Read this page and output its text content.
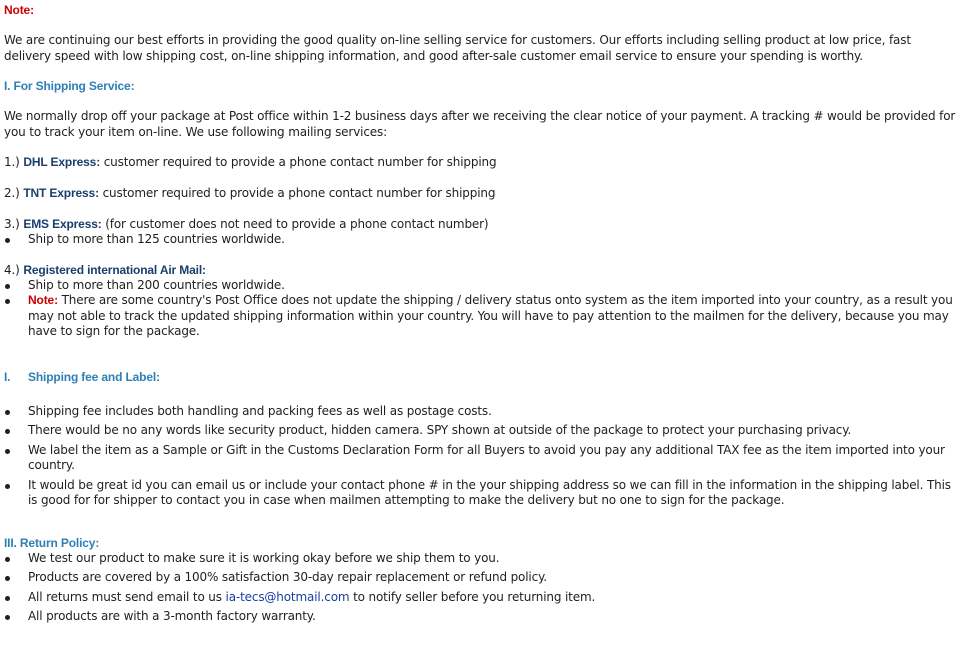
Note:

We are continuing our best efforts in providing the good quality on-line selling service for customers. Our efforts including selling product at low price, fast delivery speed with low shipping cost, on-line shipping information, and good after-sale customer email service to ensure your spending is worthy.

I. For Shipping Service:

We normally drop off your package at Post office within 1-2 business days after we receiving the clear notice of your payment. A tracking # would be provided for you to track your item on-line. We use following mailing services:

1.) DHL Express: customer required to provide a phone contact number for shipping

2.) TNT Express: customer required to provide a phone contact number for shipping

3.) EMS Express: (for customer does not need to provide a phone contact number)

Ship to more than 125 countries worldwide.

4.) Registered international Air Mail:

Ship to more than 200 countries worldwide.
Note: There are some country's Post Office does not update the shipping / delivery status onto system as the item imported into your country, as a result you may not able to track the updated shipping information within your country. You will have to pay attention to the mailmen for the delivery, because you may have to sign for the package.

I. Shipping fee and Label:

Shipping fee includes both handling and packing fees as well as postage costs.
There would be no any words like security product, hidden camera. SPY shown at outside of the package to protect your purchasing privacy.
We label the item as a Sample or Gift in the Customs Declaration Form for all Buyers to avoid you pay any additional TAX fee as the item imported into your country.
It would be great id you can email us or include your contact phone # in the your shipping address so we can fill in the information in the shipping label. This is good for for shipper to contact you in case when mailmen attempting to make the delivery but no one to sign for the package.

III. Return Policy:

We test our product to make sure it is working okay before we ship them to you.
Products are covered by a 100% satisfaction 30-day repair replacement or refund policy.
All returns must send email to us ia-tecs@hotmail.com to notify seller before you returning item.
All products are with a 3-month factory warranty.
